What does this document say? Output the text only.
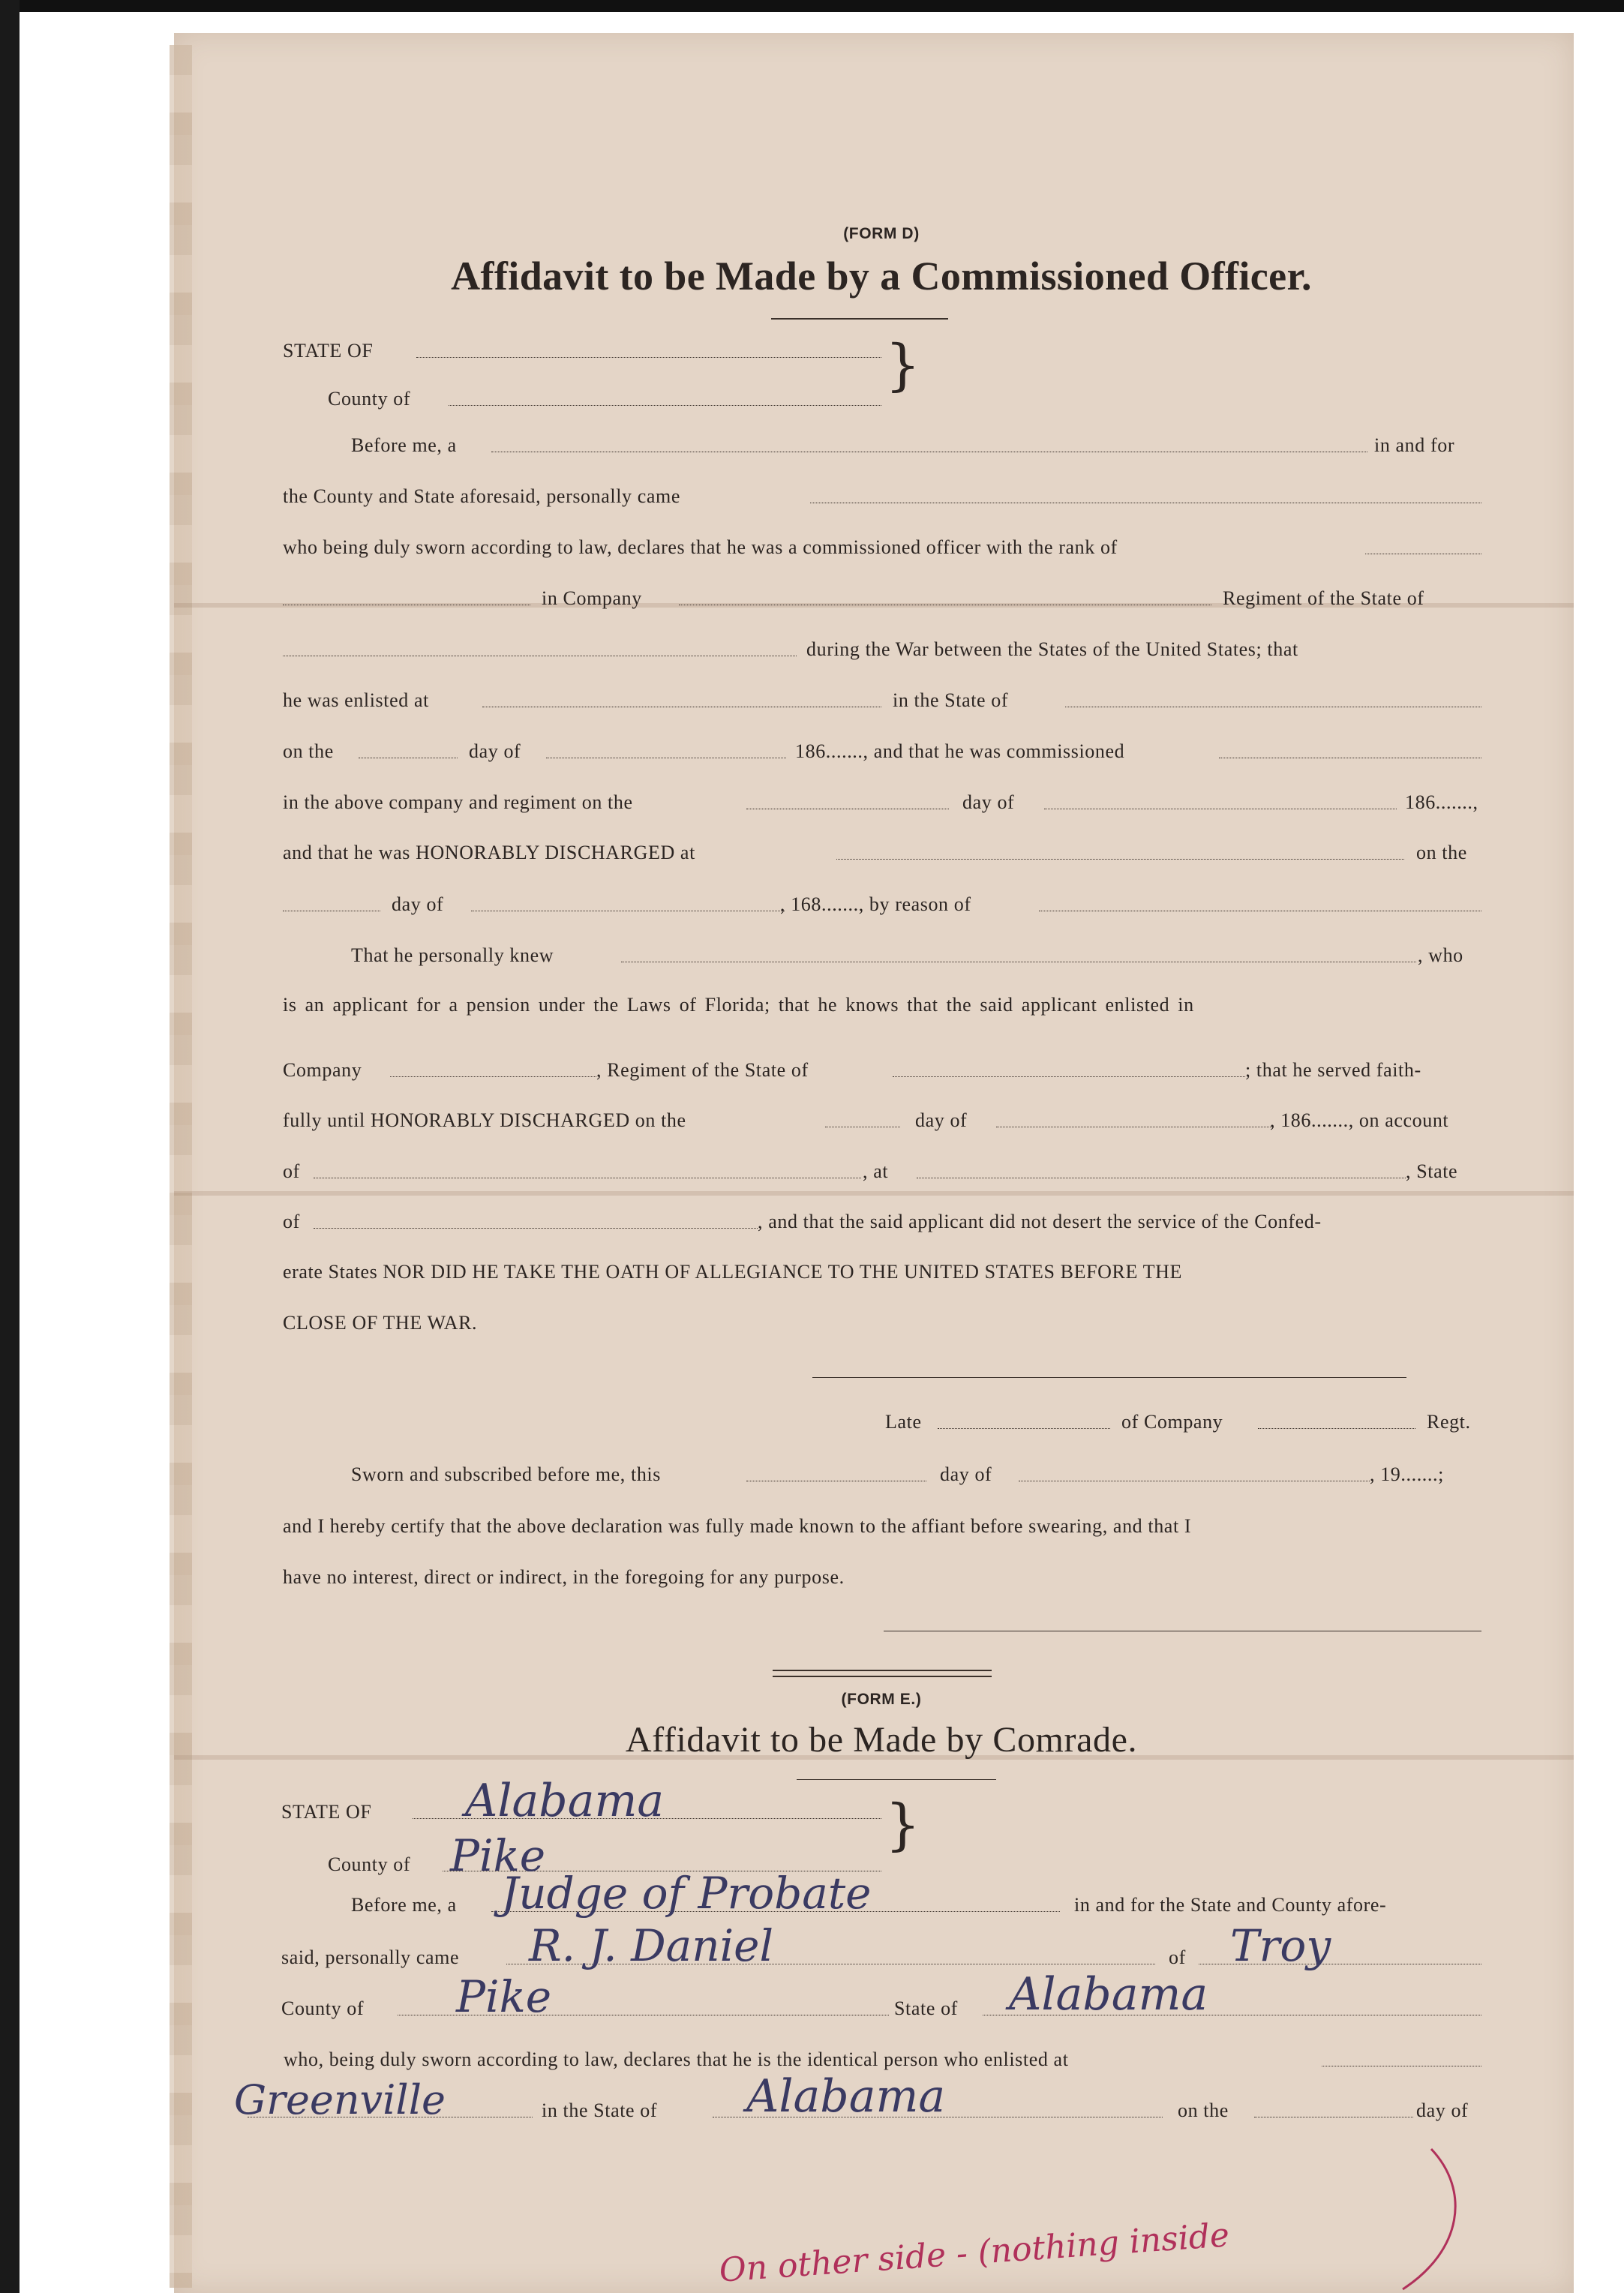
(FORM D)
Affidavit to be Made by a Commissioned Officer.
STATE OF
County of
}
Before me, a	in and for
the County and State aforesaid, personally came
who being duly sworn according to law, declares that he was a commissioned officer with the rank of
in Company	Regiment of the State of
during the War between the States of the United States; that
he was enlisted at	in the State of
on the	day of	186......., and that he was commissioned
in the above company and regiment on the	day of	186.......,
and that he was HONORABLY DISCHARGED at	on the
day of	, 168......., by reason of
That he personally knew	, who
is an applicant for a pension under the Laws of Florida; that he knows that the said applicant enlisted in
Company	, Regiment of the State of	; that he served faith-
fully until HONORABLY DISCHARGED on the	day of	, 186......., on account
of	, at	, State
of	, and that the said applicant did not desert the service of the Confed-
erate States NOR DID HE TAKE THE OATH OF ALLEGIANCE TO THE UNITED STATES BEFORE THE
CLOSE OF THE WAR.
Late	of Company	Regt.
Sworn and subscribed before me, this	day of	, 19.......;
and I hereby certify that the above declaration was fully made known to the affiant before swearing, and that I
have no interest, direct or indirect, in the foregoing for any purpose.
(FORM E.)
Affidavit to be Made by Comrade.
STATE OF Alabama
County of Pike	}
Before me, a Judge of Probate	in and for the State and County afore-
said, personally came R. J. Daniel	of Troy
County of Pike	State of Alabama
who, being duly sworn according to law, declares that he is the identical person who enlisted at
Greenville	in the State of Alabama	on the	day of
On other side - (nothing inside
